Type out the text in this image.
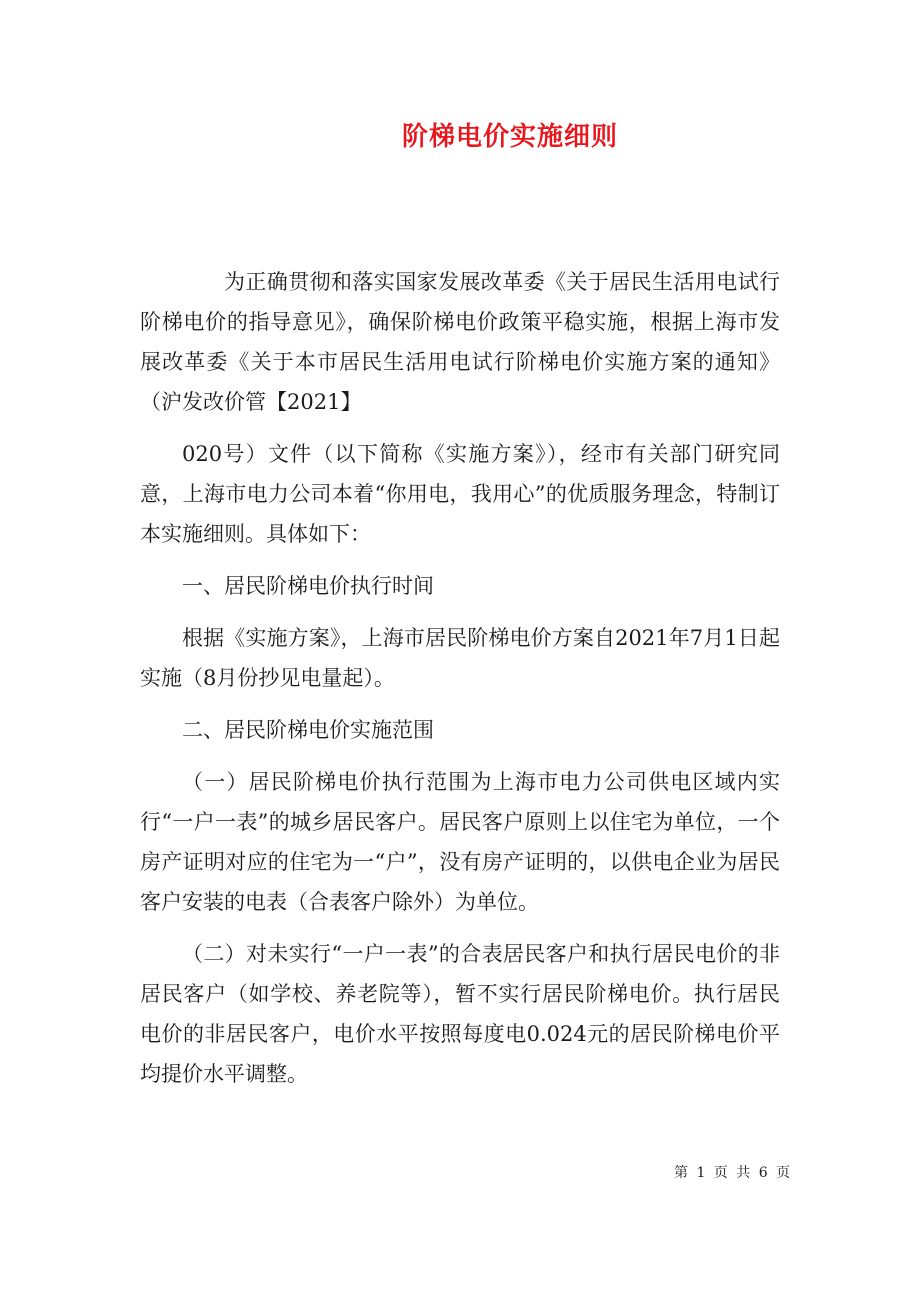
阶梯电价实施细则

为正确贯彻和落实国家发展改革委《关于居民生活用电试行阶梯电价的指导意见》，确保阶梯电价政策平稳实施，根据上海市发展改革委《关于本市居民生活用电试行阶梯电价实施方案的通知》（沪发改价管【2021】

020号）文件（以下简称《实施方案》），经市有关部门研究同意，上海市电力公司本着“你用电，我用心”的优质服务理念，特制订本实施细则。具体如下：

一、居民阶梯电价执行时间

根据《实施方案》，上海市居民阶梯电价方案自2021年7月1日起实施（8月份抄见电量起）。

二、居民阶梯电价实施范围

（一）居民阶梯电价执行范围为上海市电力公司供电区域内实行“一户一表”的城乡居民客户。居民客户原则上以住宅为单位，一个房产证明对应的住宅为一“户”，没有房产证明的，以供电企业为居民客户安装的电表（合表客户除外）为单位。

（二）对未实行“一户一表”的合表居民客户和执行居民电价的非居民客户（如学校、养老院等），暂不实行居民阶梯电价。执行居民电价的非居民客户，电价水平按照每度电0.024元的居民阶梯电价平均提价水平调整。

第 1 页 共 6 页
